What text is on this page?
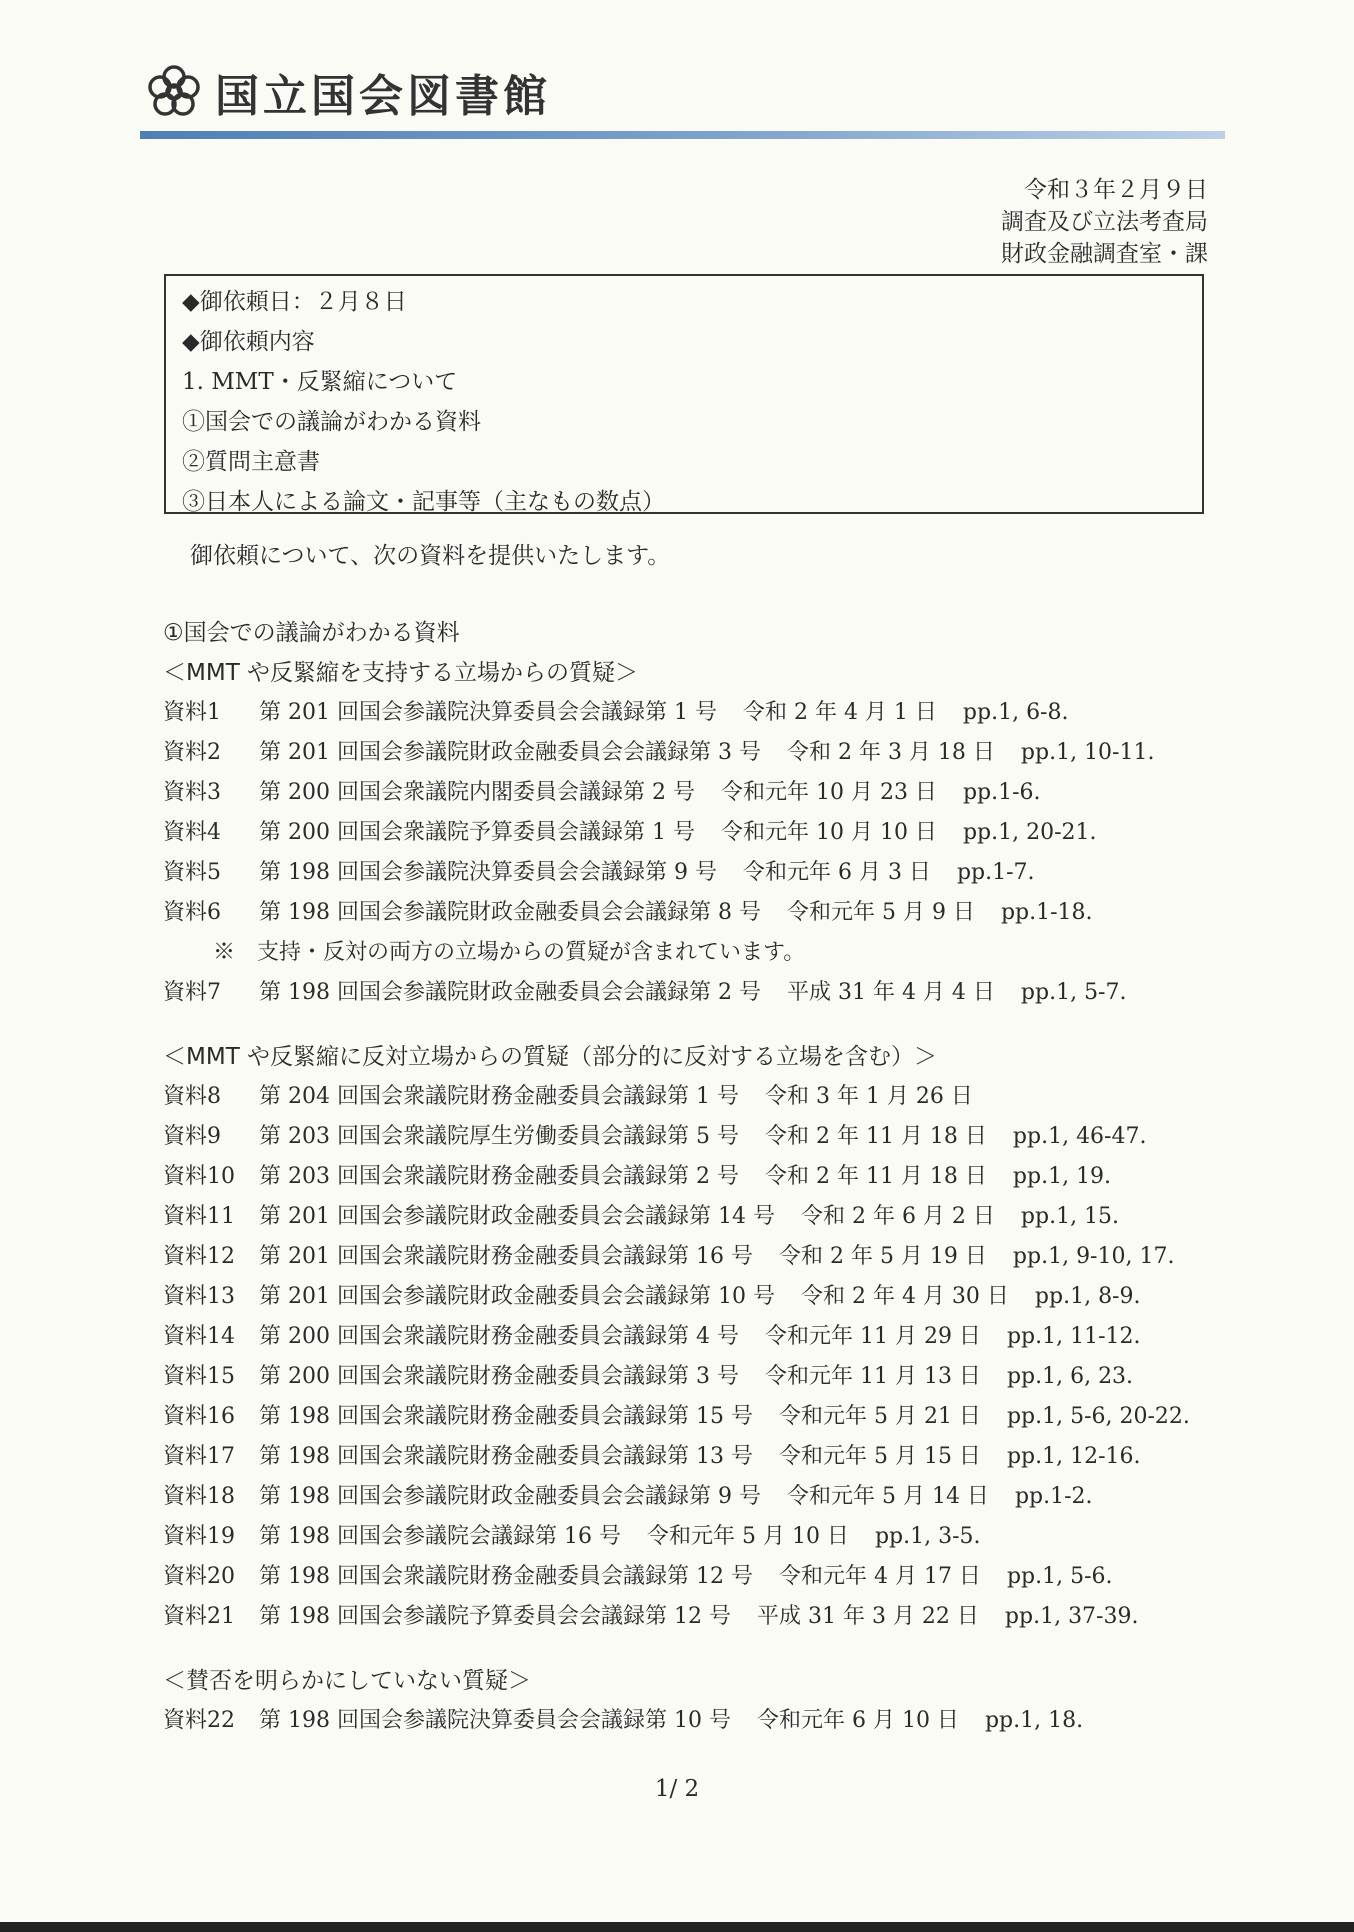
国立国会図書館
令和３年２月９日
調査及び立法考査局
財政金融調査室・課
◆御依頼日：２月８日
◆御依頼内容
1. MMT・反緊縮について
①国会での議論がわかる資料
②質問主意書
③日本人による論文・記事等（主なもの数点）
御依頼について、次の資料を提供いたします。
①国会での議論がわかる資料
＜MMT や反緊縮を支持する立場からの質疑＞
資料1	第 201 回国会参議院決算委員会会議録第 1 号 令和 2 年 4 月 1 日 pp.1, 6-8.
資料2	第 201 回国会参議院財政金融委員会会議録第 3 号 令和 2 年 3 月 18 日 pp.1, 10-11.
資料3	第 200 回国会衆議院内閣委員会議録第 2 号 令和元年 10 月 23 日 pp.1-6.
資料4	第 200 回国会衆議院予算委員会議録第 1 号 令和元年 10 月 10 日 pp.1, 20-21.
資料5	第 198 回国会参議院決算委員会会議録第 9 号 令和元年 6 月 3 日 pp.1-7.
資料6	第 198 回国会参議院財政金融委員会会議録第 8 号 令和元年 5 月 9 日 pp.1-18.
※　支持・反対の両方の立場からの質疑が含まれています。
資料7	第 198 回国会参議院財政金融委員会会議録第 2 号 平成 31 年 4 月 4 日 pp.1, 5-7.
＜MMT や反緊縮に反対立場からの質疑（部分的に反対する立場を含む）＞
資料8	第 204 回国会衆議院財務金融委員会議録第 1 号 令和 3 年 1 月 26 日
資料9	第 203 回国会衆議院厚生労働委員会議録第 5 号 令和 2 年 11 月 18 日 pp.1, 46-47.
資料10	第 203 回国会衆議院財務金融委員会議録第 2 号 令和 2 年 11 月 18 日 pp.1, 19.
資料11	第 201 回国会参議院財政金融委員会会議録第 14 号 令和 2 年 6 月 2 日 pp.1, 15.
資料12	第 201 回国会衆議院財務金融委員会議録第 16 号 令和 2 年 5 月 19 日 pp.1, 9-10, 17.
資料13	第 201 回国会参議院財政金融委員会会議録第 10 号 令和 2 年 4 月 30 日 pp.1, 8-9.
資料14	第 200 回国会衆議院財務金融委員会議録第 4 号 令和元年 11 月 29 日 pp.1, 11-12.
資料15	第 200 回国会衆議院財務金融委員会議録第 3 号 令和元年 11 月 13 日 pp.1, 6, 23.
資料16	第 198 回国会衆議院財務金融委員会議録第 15 号 令和元年 5 月 21 日 pp.1, 5-6, 20-22.
資料17	第 198 回国会衆議院財務金融委員会議録第 13 号 令和元年 5 月 15 日 pp.1, 12-16.
資料18	第 198 回国会参議院財政金融委員会会議録第 9 号 令和元年 5 月 14 日 pp.1-2.
資料19	第 198 回国会参議院会議録第 16 号 令和元年 5 月 10 日 pp.1, 3-5.
資料20	第 198 回国会衆議院財務金融委員会議録第 12 号 令和元年 4 月 17 日 pp.1, 5-6.
資料21	第 198 回国会参議院予算委員会会議録第 12 号 平成 31 年 3 月 22 日 pp.1, 37-39.
＜賛否を明らかにしていない質疑＞
資料22	第 198 回国会参議院決算委員会会議録第 10 号 令和元年 6 月 10 日 pp.1, 18.
1/ 2
